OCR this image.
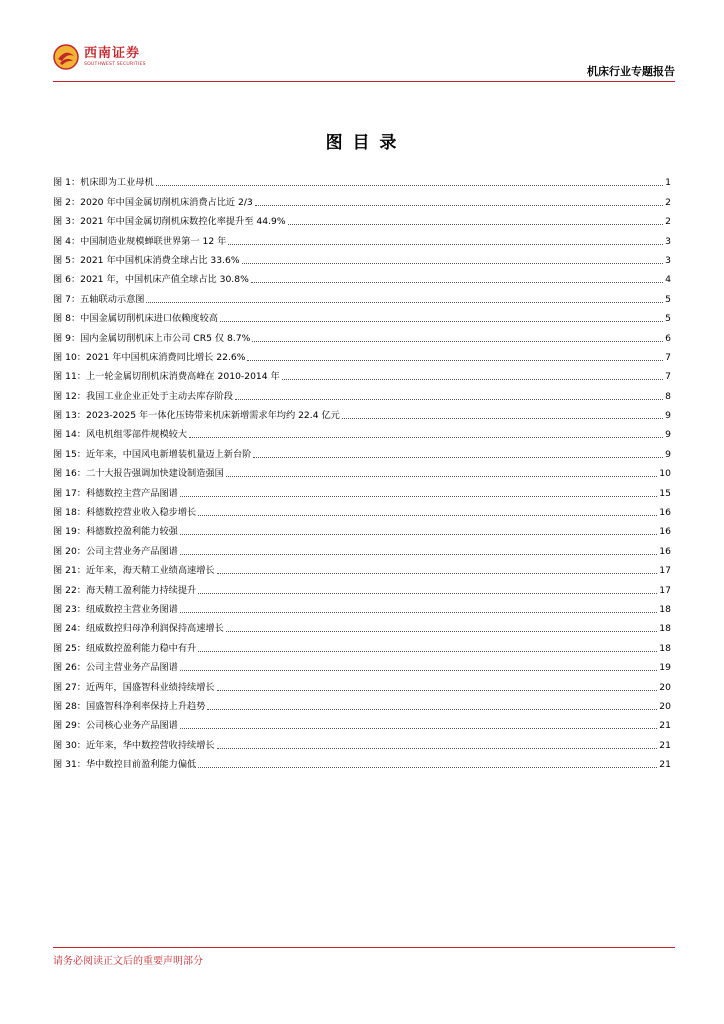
西南证券
SOUTHWEST SECURITIES
机床行业专题报告
图 目 录
图 1：机床即为工业母机	1
图 2：2020 年中国金属切削机床消费占比近 2/3	2
图 3：2021 年中国金属切削机床数控化率提升至 44.9%	2
图 4：中国制造业规模蝉联世界第一 12 年	3
图 5：2021 年中国机床消费全球占比 33.6%	3
图 6：2021 年，中国机床产值全球占比 30.8%	4
图 7：五轴联动示意图	5
图 8：中国金属切削机床进口依赖度较高	5
图 9：国内金属切削机床上市公司 CR5 仅 8.7%	6
图 10：2021 年中国机床消费同比增长 22.6%	7
图 11：上一轮金属切削机床消费高峰在 2010-2014 年	7
图 12：我国工业企业正处于主动去库存阶段	8
图 13：2023-2025 年一体化压铸带来机床新增需求年均约 22.4 亿元	9
图 14：风电机组零部件规模较大	9
图 15：近年来，中国风电新增装机量迈上新台阶	9
图 16：二十大报告强调加快建设制造强国	10
图 17：科德数控主营产品图谱	15
图 18：科德数控营业收入稳步增长	16
图 19：科德数控盈利能力较强	16
图 20：公司主营业务产品图谱	16
图 21：近年来，海天精工业绩高速增长	17
图 22：海天精工盈利能力持续提升	17
图 23：纽威数控主营业务图谱	18
图 24：纽威数控归母净利润保持高速增长	18
图 25：纽威数控盈利能力稳中有升	18
图 26：公司主营业务产品图谱	19
图 27：近两年，国盛智科业绩持续增长	20
图 28：国盛智科净利率保持上升趋势	20
图 29：公司核心业务产品图谱	21
图 30：近年来，华中数控营收持续增长	21
图 31：华中数控目前盈利能力偏低	21
请务必阅读正文后的重要声明部分
